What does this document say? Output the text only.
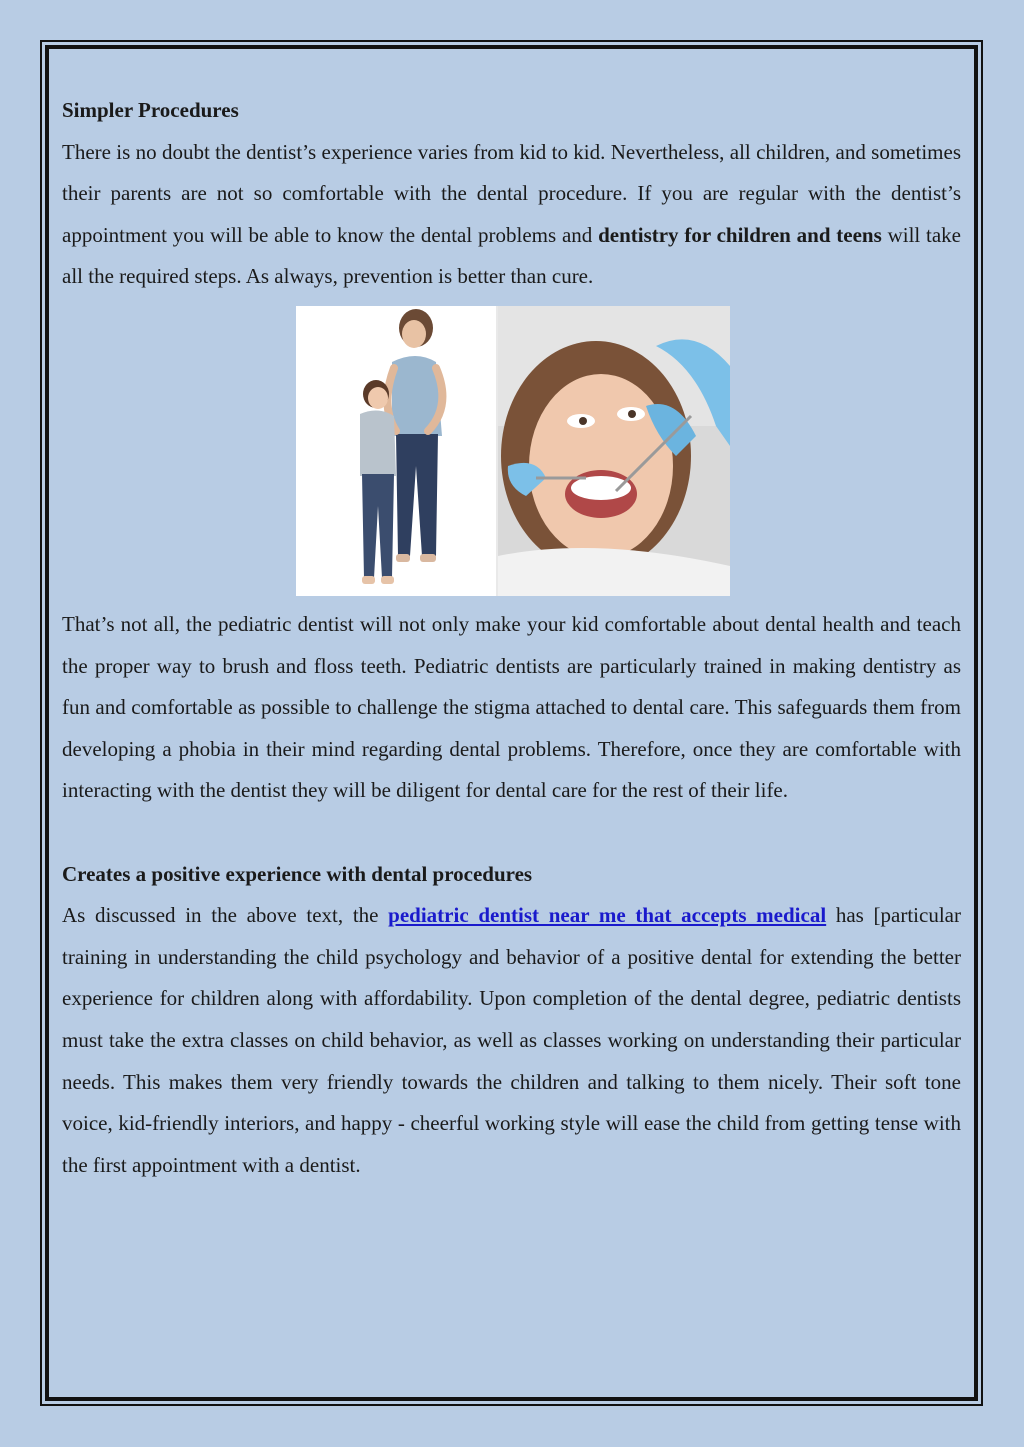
Simpler Procedures

There is no doubt the dentist’s experience varies from kid to kid. Nevertheless, all children, and sometimes their parents are not so comfortable with the dental procedure. If you are regular with the dentist’s appointment you will be able to know the dental problems and dentistry for children and teens will take all the required steps. As always, prevention is better than cure.

That’s not all, the pediatric dentist will not only make your kid comfortable about dental health and teach the proper way to brush and floss teeth. Pediatric dentists are particularly trained in making dentistry as fun and comfortable as possible to challenge the stigma attached to dental care. This safeguards them from developing a phobia in their mind regarding dental problems. Therefore, once they are comfortable with interacting with the dentist they will be diligent for dental care for the rest of their life.

Creates a positive experience with dental procedures

As discussed in the above text, the pediatric dentist near me that accepts medical has [particular training in understanding the child psychology and behavior of a positive dental for extending the better experience for children along with affordability. Upon completion of the dental degree, pediatric dentists must take the extra classes on child behavior, as well as classes working on understanding their particular needs. This makes them very friendly towards the children and talking to them nicely. Their soft tone voice, kid-friendly interiors, and happy - cheerful working style will ease the child from getting tense with the first appointment with a dentist.
